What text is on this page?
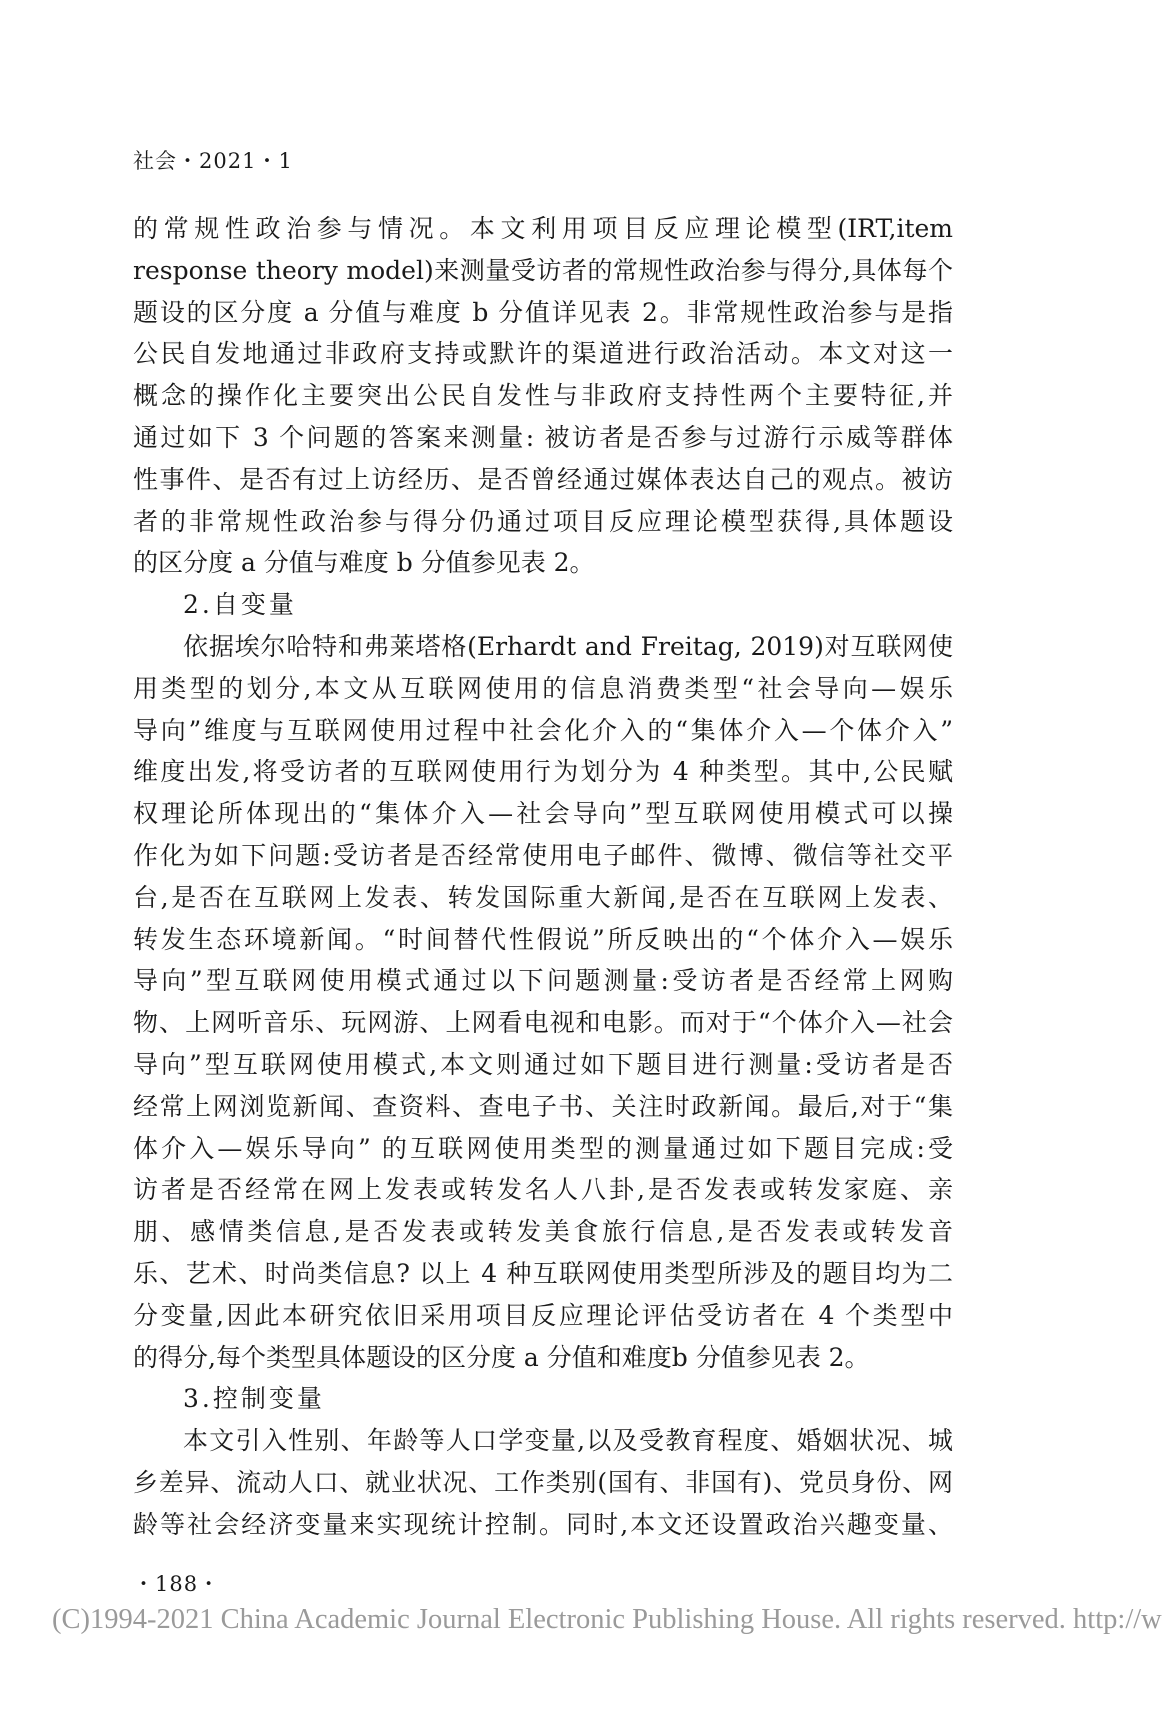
社会・2021・1
的常规性政治参与情况。本文利用项目反应理论模型(IRT,item
response theory model)来测量受访者的常规性政治参与得分,具体每个
题设的区分度 a 分值与难度 b 分值详见表 2。非常规性政治参与是指
公民自发地通过非政府支持或默许的渠道进行政治活动。本文对这一
概念的操作化主要突出公民自发性与非政府支持性两个主要特征,并
通过如下 3 个问题的答案来测量: 被访者是否参与过游行示威等群体
性事件、是否有过上访经历、是否曾经通过媒体表达自己的观点。被访
者的非常规性政治参与得分仍通过项目反应理论模型获得,具体题设
的区分度 a 分值与难度 b 分值参见表 2。
2.自变量
依据埃尔哈特和弗莱塔格(Erhardt and Freitag, 2019)对互联网使
用类型的划分,本文从互联网使用的信息消费类型“社会导向—娱乐
导向”维度与互联网使用过程中社会化介入的“集体介入—个体介入”
维度出发,将受访者的互联网使用行为划分为 4 种类型。其中,公民赋
权理论所体现出的“集体介入—社会导向”型互联网使用模式可以操
作化为如下问题:受访者是否经常使用电子邮件、微博、微信等社交平
台,是否在互联网上发表、转发国际重大新闻,是否在互联网上发表、
转发生态环境新闻。“时间替代性假说”所反映出的“个体介入—娱乐
导向”型互联网使用模式通过以下问题测量:受访者是否经常上网购
物、上网听音乐、玩网游、上网看电视和电影。而对于“个体介入—社会
导向”型互联网使用模式,本文则通过如下题目进行测量:受访者是否
经常上网浏览新闻、查资料、查电子书、关注时政新闻。最后,对于“集
体介入—娱乐导向” 的互联网使用类型的测量通过如下题目完成:受
访者是否经常在网上发表或转发名人八卦,是否发表或转发家庭、亲
朋、感情类信息,是否发表或转发美食旅行信息,是否发表或转发音
乐、艺术、时尚类信息? 以上 4 种互联网使用类型所涉及的题目均为二
分变量,因此本研究依旧采用项目反应理论评估受访者在 4 个类型中
的得分,每个类型具体题设的区分度 a 分值和难度b 分值参见表 2。
3.控制变量
本文引入性别、年龄等人口学变量,以及受教育程度、婚姻状况、城
乡差异、流动人口、就业状况、工作类别(国有、非国有)、党员身份、网
龄等社会经济变量来实现统计控制。同时,本文还设置政治兴趣变量、
・188・
(C)1994-2021 China Academic Journal Electronic Publishing House. All rights reserved. http://w
